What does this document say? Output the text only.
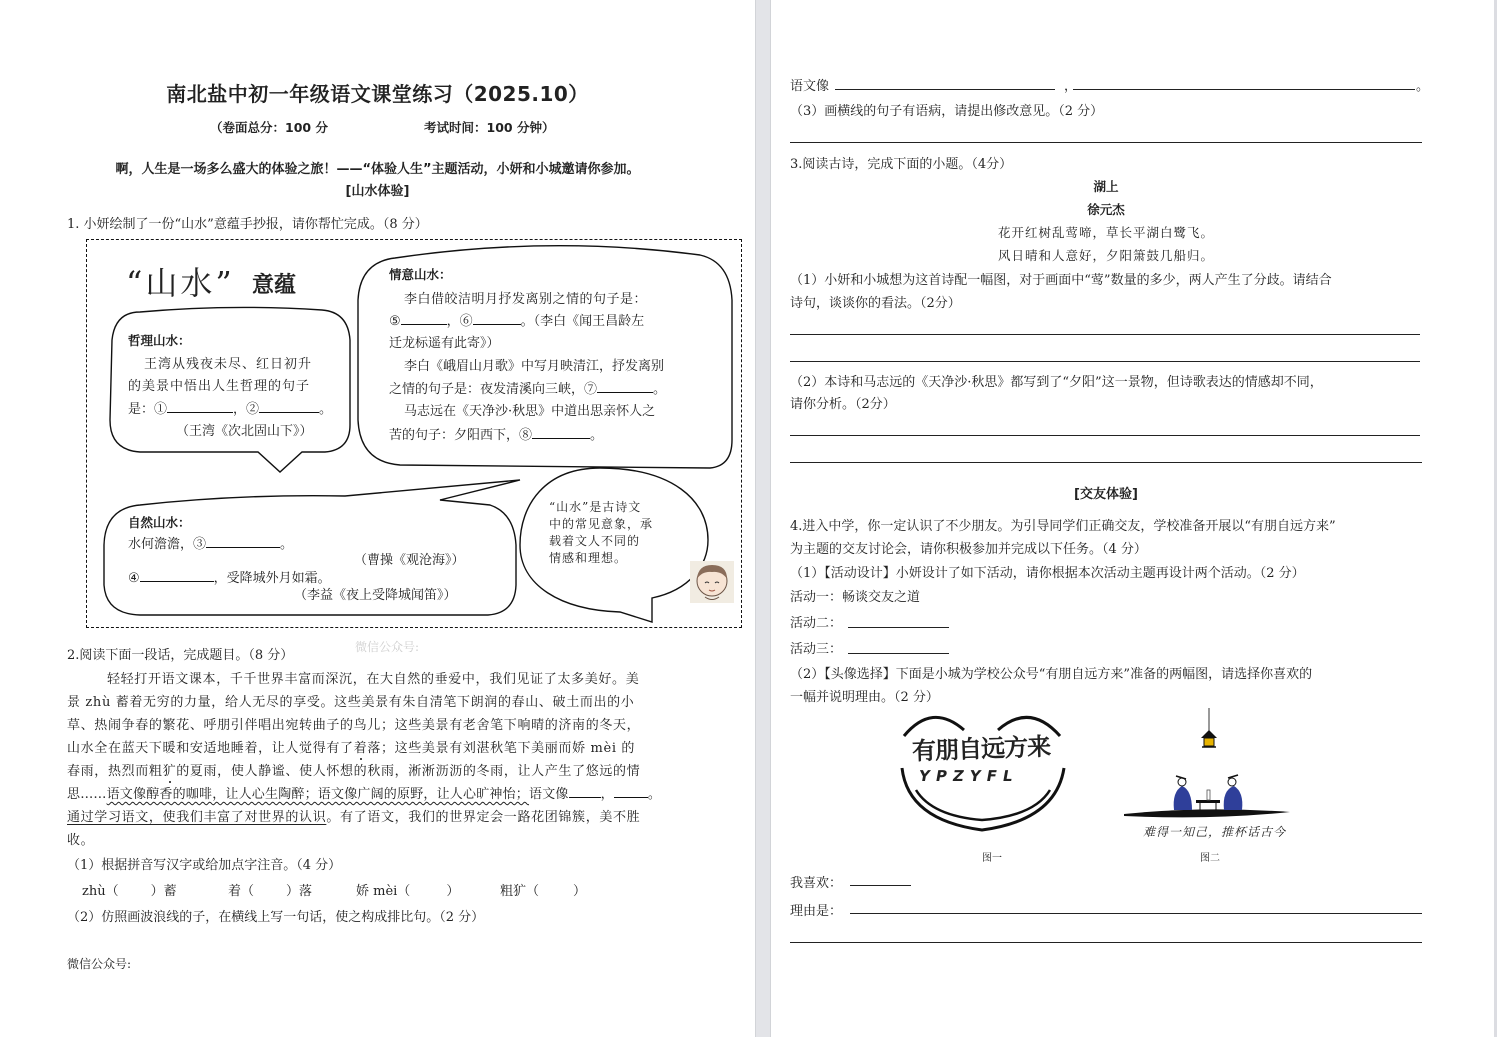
南北盐中初一年级语文课堂练习（2025.10）
（卷面总分：100 分	考试时间：100 分钟）
啊，人生是一场多么盛大的体验之旅！——“体验人生”主题活动，小妍和小城邀请你参加。
[山水体验]
1. 小妍绘制了一份“山水”意蕴手抄报，请你帮忙完成。（8 分）
“山水” 意蕴
哲理山水：
王湾从残夜未尽、红日初升
的美景中悟出人生哲理的句子
是：①	，②	。
（王湾《次北固山下》）
情意山水：
李白借皎洁明月抒发离别之情的句子是：
⑤	，⑥	。（李白《闻王昌龄左
迁龙标遥有此寄》）
李白《峨眉山月歌》中写月映清江，抒发离别
之情的句子是：夜发清溪向三峡，⑦	。
马志远在《天净沙·秋思》中道出思亲怀人之
苦的句子：夕阳西下，⑧	。
自然山水：
水何澹澹，③	。
（曹操《观沧海》）
④	，受降城外月如霜。
（李益《夜上受降城闻笛》）
“山水”是古诗文
中的常见意象，承
载着文人不同的
情感和理想。
2.阅读下面一段话，完成题目。（8 分）
微信公众号:
轻轻打开语文课本，千千世界丰富而深沉，在大自然的垂爱中，我们见证了太多美好。美
景 zhù 蓄着无穷的力量，给人无尽的享受。这些美景有朱自清笔下朗润的春山、破土而出的小
草、热闹争春的繁花、呼朋引伴唱出宛转曲子的鸟儿；这些美景有老舍笔下响晴的济南的冬天，
山水全在蓝天下暖和安适地睡着，让人觉得有了着落；这些美景有刘湛秋笔下美丽而娇 mèi 的
春雨，热烈而粗犷的夏雨，使人静谧、使人怀想的秋雨，淅淅沥沥的冬雨，让人产生了悠远的情
思……语文像醇香的咖啡，让人心生陶醉；语文像广阔的原野，让人心旷神怡；语文像 ，	。
通过学习语文，使我们丰富了对世界的认识。有了语文，我们的世界定会一路花团锦簇，美不胜
收。
（1）根据拼音写汉字或给加点字注音。（4 分）
zhù（ ）蓄	着（ ）落	娇 mèi（	）	粗犷（	）
（2）仿照画波浪线的子，在横线上写一句话，使之构成排比句。（2 分）
微信公众号:
语文像	，	。
（3）画横线的句子有语病，请提出修改意见。（2 分）
3.阅读古诗，完成下面的小题。（4分）
湖上
徐元杰
花开红树乱莺啼，草长平湖白鹭飞。
风日晴和人意好，夕阳箫鼓几船归。
（1）小妍和小城想为这首诗配一幅图，对于画面中“莺”数量的多少，两人产生了分歧。请结合
诗句，谈谈你的看法。（2分）
（2）本诗和马志远的《天净沙·秋思》都写到了“夕阳”这一景物，但诗歌表达的情感却不同，
请你分析。（2分）
[交友体验]
4.进入中学，你一定认识了不少朋友。为引导同学们正确交友，学校准备开展以“有朋自远方来”
为主题的交友讨论会，请你积极参加并完成以下任务。（4 分）
（1）【活动设计】小妍设计了如下活动，请你根据本次活动主题再设计两个活动。（2 分）
活动一：畅谈交友之道
活动二：
活动三：
（2）【头像选择】下面是小城为学校公众号“有朋自远方来”准备的两幅图，请选择你喜欢的
一幅并说明理由。（2 分）
有朋自远方来
YPZYFL
图一
难得一知己，推杯话古今
图二
我喜欢：
理由是：
